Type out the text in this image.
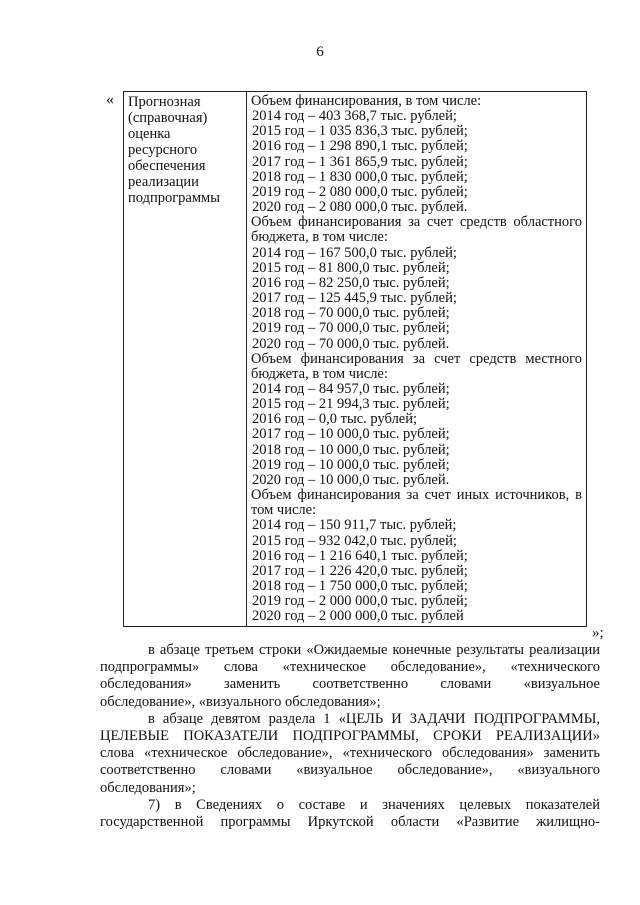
6
« Прогнозная
(справочная)
оценка
ресурсного
обеспечения
реализации
подпрограммы

Объем финансирования, в том числе:
2014 год – 403 368,7 тыс. рублей;
2015 год – 1 035 836,3 тыс. рублей;
2016 год – 1 298 890,1 тыс. рублей;
2017 год – 1 361 865,9 тыс. рублей;
2018 год – 1 830 000,0 тыс. рублей;
2019 год – 2 080 000,0 тыс. рублей;
2020 год – 2 080 000,0 тыс. рублей.
Объем финансирования за счет средств областного
бюджета, в том числе:
2014 год – 167 500,0 тыс. рублей;
2015 год – 81 800,0 тыс. рублей;
2016 год – 82 250,0 тыс. рублей;
2017 год – 125 445,9 тыс. рублей;
2018 год – 70 000,0 тыс. рублей;
2019 год – 70 000,0 тыс. рублей;
2020 год – 70 000,0 тыс. рублей.
Объем финансирования за счет средств местного
бюджета, в том числе:
2014 год – 84 957,0 тыс. рублей;
2015 год – 21 994,3 тыс. рублей;
2016 год – 0,0 тыс. рублей;
2017 год – 10 000,0 тыс. рублей;
2018 год – 10 000,0 тыс. рублей;
2019 год – 10 000,0 тыс. рублей;
2020 год – 10 000,0 тыс. рублей.
Объем финансирования за счет иных источников, в
том числе:
2014 год – 150 911,7 тыс. рублей;
2015 год – 932 042,0 тыс. рублей;
2016 год – 1 216 640,1 тыс. рублей;
2017 год – 1 226 420,0 тыс. рублей;
2018 год – 1 750 000,0 тыс. рублей;
2019 год – 2 000 000,0 тыс. рублей;
2020 год – 2 000 000,0 тыс. рублей
»;
в абзаце третьем строки «Ожидаемые конечные результаты реализации
подпрограммы» слова «техническое обследование», «технического
обследования» заменить соответственно словами «визуальное
обследование», «визуального обследования»;
в абзаце девятом раздела 1 «ЦЕЛЬ И ЗАДАЧИ ПОДПРОГРАММЫ,
ЦЕЛЕВЫЕ ПОКАЗАТЕЛИ ПОДПРОГРАММЫ, СРОКИ РЕАЛИЗАЦИИ»
слова «техническое обследование», «технического обследования» заменить
соответственно словами «визуальное обследование», «визуального
обследования»;
7) в Сведениях о составе и значениях целевых показателей
государственной программы Иркутской области «Развитие жилищно-
